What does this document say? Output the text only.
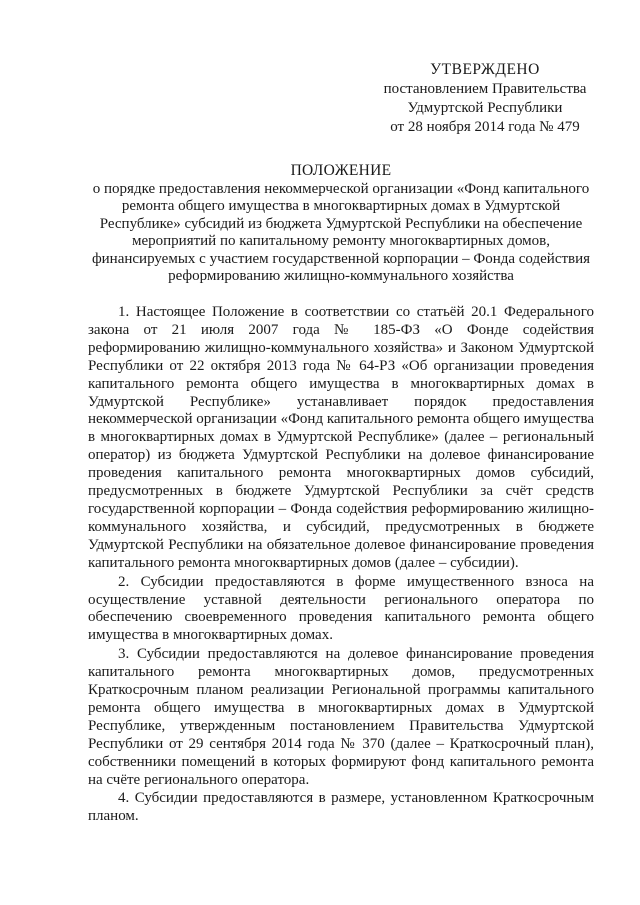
УТВЕРЖДЕНО
постановлением Правительства
Удмуртской Республики
от 28 ноября 2014 года № 479
ПОЛОЖЕНИЕ
о порядке предоставления некоммерческой организации «Фонд капитального ремонта общего имущества в многоквартирных домах в Удмуртской Республике» субсидий из бюджета Удмуртской Республики на обеспечение мероприятий по капитальному ремонту многоквартирных домов, финансируемых с участием государственной корпорации – Фонда содействия реформированию жилищно-коммунального хозяйства

1. Настоящее Положение в соответствии со статьёй 20.1 Федерального закона от 21 июля 2007 года № 185-ФЗ «О Фонде содействия реформированию жилищно-коммунального хозяйства» и Законом Удмуртской Республики от 22 октября 2013 года № 64-РЗ «Об организации проведения капитального ремонта общего имущества в многоквартирных домах в Удмуртской Республике» устанавливает порядок предоставления некоммерческой организации «Фонд капитального ремонта общего имущества в многоквартирных домах в Удмуртской Республике» (далее – региональный оператор) из бюджета Удмуртской Республики на долевое финансирование проведения капитального ремонта многоквартирных домов субсидий, предусмотренных в бюджете Удмуртской Республики за счёт средств государственной корпорации – Фонда содействия реформированию жилищно-коммунального хозяйства, и субсидий, предусмотренных в бюджете Удмуртской Республики на обязательное долевое финансирование проведения капитального ремонта многоквартирных домов (далее – субсидии).

2. Субсидии предоставляются в форме имущественного взноса на осуществление уставной деятельности регионального оператора по обеспечению своевременного проведения капитального ремонта общего имущества в многоквартирных домах.

3. Субсидии предоставляются на долевое финансирование проведения капитального ремонта многоквартирных домов, предусмотренных Краткосрочным планом реализации Региональной программы капитального ремонта общего имущества в многоквартирных домах в Удмуртской Республике, утвержденным постановлением Правительства Удмуртской Республики от 29 сентября 2014 года № 370 (далее – Краткосрочный план), собственники помещений в которых формируют фонд капитального ремонта на счёте регионального оператора.

4. Субсидии предоставляются в размере, установленном Краткосрочным планом.
